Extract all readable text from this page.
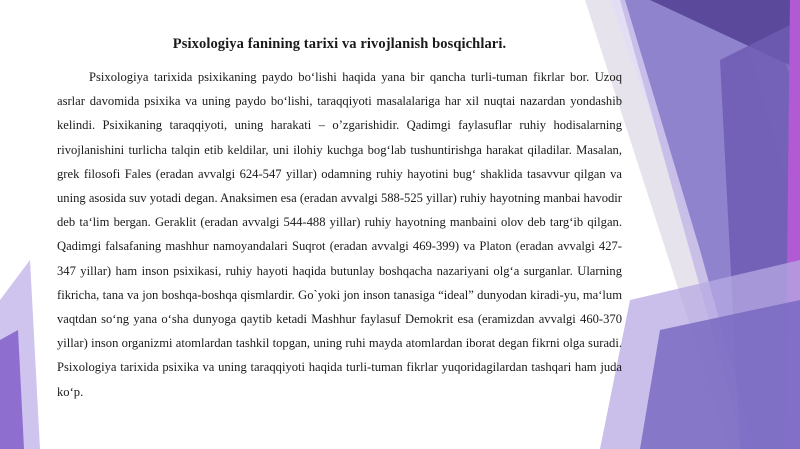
Psixologiya fanining tarixi va rivojlanish bosqichlari.

Psixologiya tarixida psixikaning paydo boʻlishi haqida yana bir qancha turli-tuman fikrlar bor. Uzoq asrlar davomida psixika va uning paydo boʻlishi, taraqqiyoti masalalariga har xil nuqtai nazardan yondashib kelindi. Psixikaning taraqqiyoti, uning harakati – o’zgarishidir. Qadimgi faylasuflar ruhiy hodisalarning rivojlanishini turlicha talqin etib keldilar, uni ilohiy kuchga bogʻlab tushuntirishga harakat qiladilar. Masalan, grek filosofi Fales (eradan avvalgi 624-547 yillar) odamning ruhiy hayotini bugʻ shaklida tasavvur qilgan va uning asosida suv yotadi degan. Anaksimen esa (eradan avvalgi 588-525 yillar) ruhiy hayotning manbai havodir deb taʻlim bergan. Geraklit (eradan avvalgi 544-488 yillar) ruhiy hayotning manbaini olov deb targʻib qilgan. Qadimgi falsafaning mashhur namoyandalari Suqrot (eradan avvalgi 469-399) va Platon (eradan avvalgi 427-347 yillar) ham inson psixikasi, ruhiy hayoti haqida butunlay boshqacha nazariyani olgʻa surganlar. Ularning fikricha, tana va jon boshqa-boshqa qismlardir. Go`yoki jon inson tanasiga “ideal” dunyodan kiradi-yu, maʻlum vaqtdan soʻng yana oʻsha dunyoga qaytib ketadi Mashhur faylasuf Demokrit esa (eramizdan avvalgi 460-370 yillar) inson organizmi atomlardan tashkil topgan, uning ruhi mayda atomlardan iborat degan fikrni olga suradi. Psixologiya tarixida psixika va uning taraqqiyoti haqida turli-tuman fikrlar yuqoridagilardan tashqari ham juda koʻp.
